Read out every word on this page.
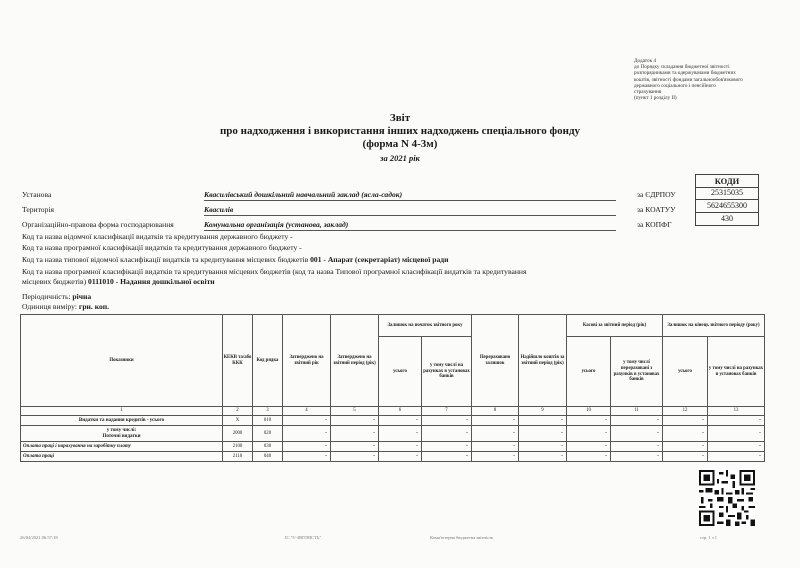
Додаток 4
до Порядку складання бюджетної звітності
розпорядниками та одержувачами бюджетних
коштів, звітності фондами загальнообов'язкового
державного соціального і пенсійного
страхування
(пункт 1 розділу II)
Звіт
про надходження і використання інших надходжень спеціального фонду
(форма N 4-3м)
за 2021 рік
КОДИ
Установа	Квасилівський дошкільний навчальний заклад (ясла-садок)	за ЄДРПОУ	25315035
Територія	Квасилів	за КОАТУУ	5624655300
Організаційно-правова форма господарювання	Комунальна організація (установа, заклад)	за КОПФГ
430
Код та назва відомчої класифікації видатків та кредитування державного бюджету -
Код та назва програмної класифікації видатків та кредитування державного бюджету -
Код та назва типової відомчої класифікації видатків та кредитування місцевих бюджетів 001 - Апарат (секретаріат) місцевої ради
Код та назва програмної класифікації видатків та кредитування місцевих бюджетів (код та назва Типової програмної класифікації видатків та кредитування
місцевих бюджетів) 0111010 - Надання дошкільної освіти
Періодичність: річна
Одиниця виміру: грн. коп.
Показники	КЕКВ та/або ККК	Код рядка	Затверджено на звітний рік	Затверджено на звітний період (рік)	Залишок на початок звітного року		Перераховано залишок	Надійшло коштів за звітний період (рік)	Касові за звітний період (рік)		Залишок на кінець звітного періоду (року)	
					усього	у тому числі на рахунках в установах банків			усього	у тому числі перераховані з рахунків в установах банків	усього	у тому числі на рахунках в установах банків
1	2	3	4	5	6	7	8	9	10	11	12	13
Видатки та надання кредитів - усього	X	010	-	-	-	-	-	-	-	-	-	-

у тому числі:
Поточні видатки	2000	020	-	-	-	-	-	-	-	-	-	-
Оплата праці і нарахування на заробітну плату	2100	030	-	-	-	-	-	-	-	-	-	-
Оплата праці	2110	040	-	-	-	-	-	-	-	-	-	-
26/04/2021 06:57:18	ІС "Є-ЗВІТНІСТЬ"	Комп'ютерна бюджетна звітність	стр. 1 з 1
